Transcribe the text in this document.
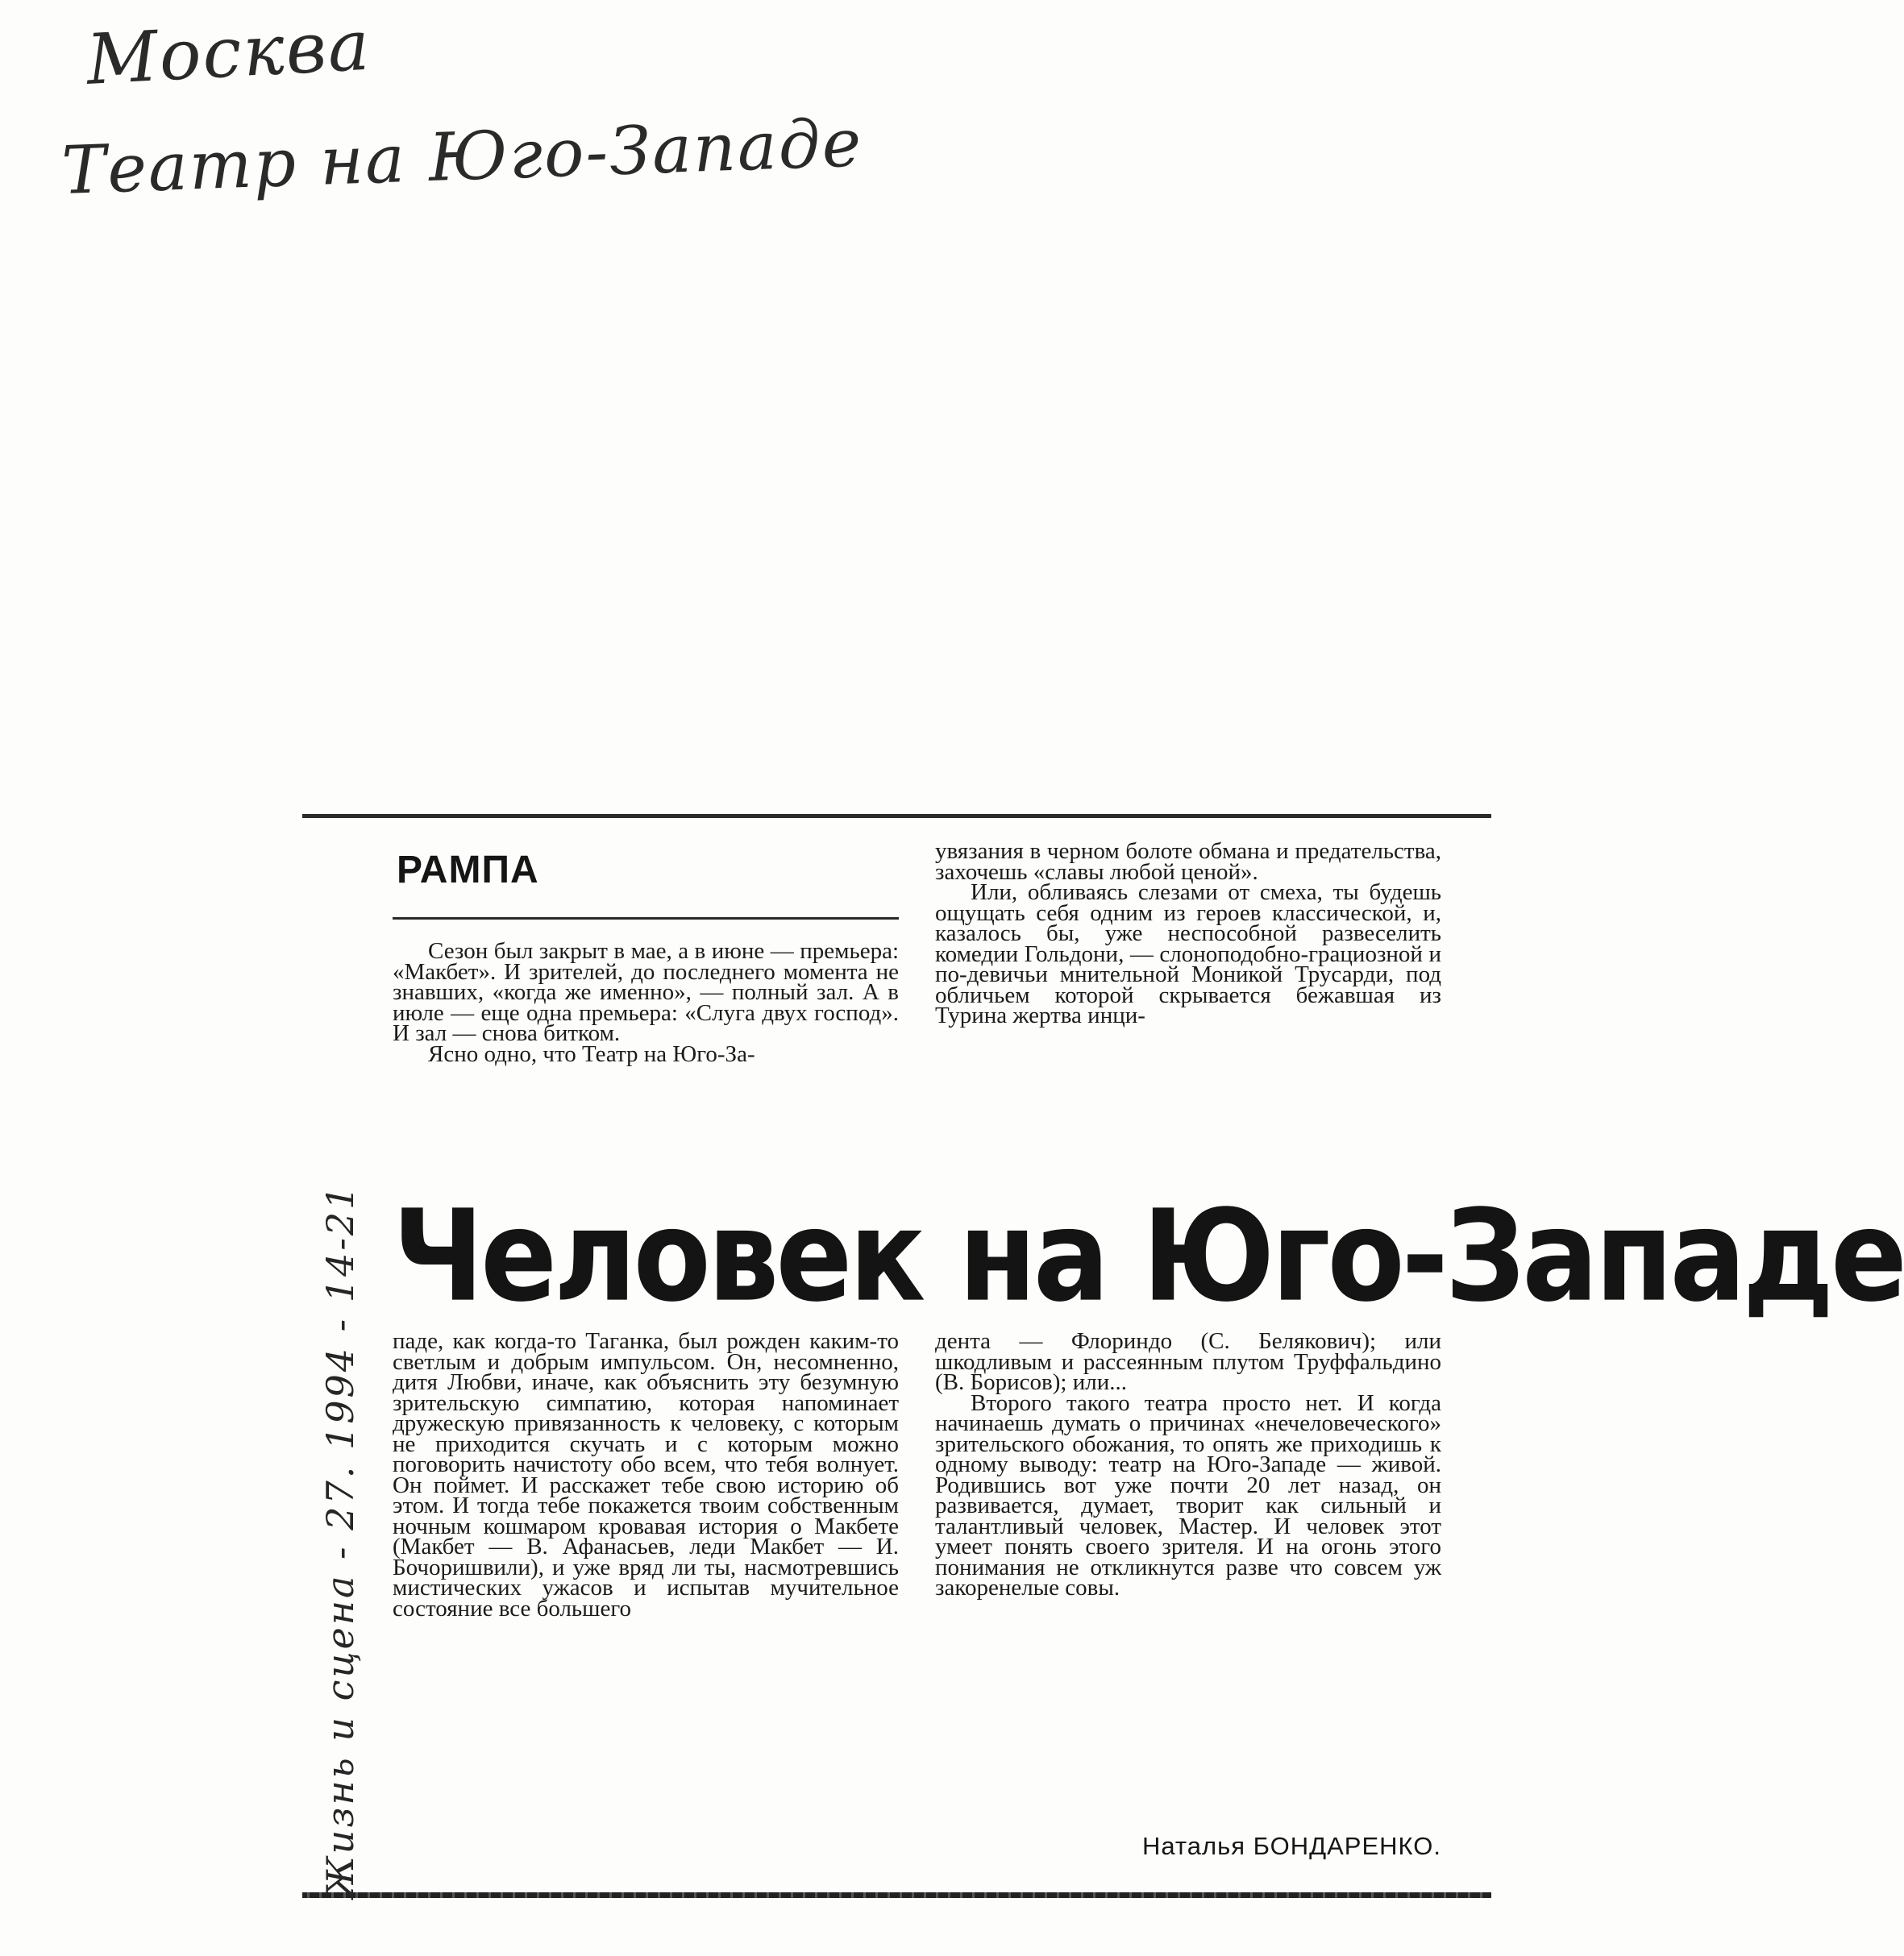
Москва
Театр на Юго-Западе
РАМПА

Сезон был закрыт в мае, а в июне — премьера: «Макбет». И зрителей, до последнего момента не знавших, «когда же именно», — полный зал. А в июле — еще одна премьера: «Слуга двух господ». И зал — снова битком.

Ясно одно, что Театр на Юго-За-

увязания в черном болоте обмана и предательства, захочешь «славы любой ценой».

Или, обливаясь слезами от смеха, ты будешь ощущать себя одним из героев классической, и, казалось бы, уже неспособной развеселить комедии Гольдони, — слоноподобно-грациозной и по-девичьи мнительной Моникой Трусарди, под обличьем которой скрывается бежавшая из Турина жертва инци-

Человек на Юго-Западе

паде, как когда-то Таганка, был рожден каким-то светлым и добрым импульсом. Он, несомненно, дитя Любви, иначе, как объяснить эту безумную зрительскую симпатию, которая напоминает дружескую привязанность к человеку, с которым не приходится скучать и с которым можно поговорить начистоту обо всем, что тебя волнует. Он поймет. И расскажет тебе свою историю об этом. И тогда тебе покажется твоим собственным ночным кошмаром кровавая история о Макбете (Макбет — В. Афанасьев, леди Макбет — И. Бочоришвили), и уже вряд ли ты, насмотревшись мистических ужасов и испытав мучительное состояние все большего

дента — Флориндо (С. Белякович); или шкодливым и рассеянным плутом Труффальдино (В. Борисов); или...

Второго такого театра просто нет. И когда начинаешь думать о причинах «нечеловеческого» зрительского обожания, то опять же приходишь к одному выводу: театр на Юго-Западе — живой. Родившись вот уже почти 20 лет назад, он развивается, думает, творит как сильный и талантливый человек, Мастер. И человек этот умеет понять своего зрителя. И на огонь этого понимания не откликнутся разве что совсем уж закоренелые совы.

Наталья БОНДАРЕНКО.
Жизнь и сцена - 27. 1994 - 14-21
